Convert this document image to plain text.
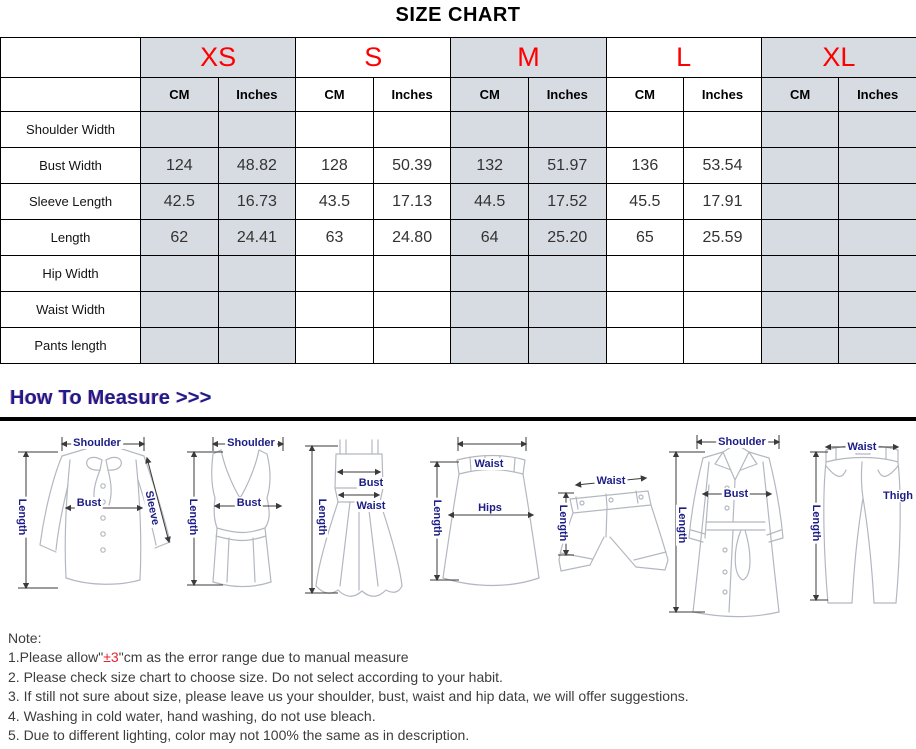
SIZE CHART
	XS		S		M		L		XL	
	CM	Inches	CM	Inches	CM	Inches	CM	Inches	CM	Inches
Shoulder Width										
Bust Width	124	48.82	128	50.39	132	51.97	136	53.54		
Sleeve Length	42.5	16.73	43.5	17.13	44.5	17.52	45.5	17.91		
Length	62	24.41	63	24.80	64	25.20	65	25.59		
Hip Width										
Waist Width										
Pants length										
How To Measure >>>
Shoulder
Bust	Sleeve
Length
Shoulder
Bust
Length
Bust
Waist
Length
Waist
Hips
Length
Waist
Length
Shoulder
Bust
Length
Waist
Thigh
Length
Note:
1.Please allow"±3"cm as the error range due to manual measure
2. Please check size chart to choose size. Do not select according to your habit.
3. If still not sure about size, please leave us your shoulder, bust, waist and hip data, we will offer suggestions.
4. Washing in cold water, hand washing, do not use bleach.
5. Due to different lighting, color may not 100% the same as in description.
